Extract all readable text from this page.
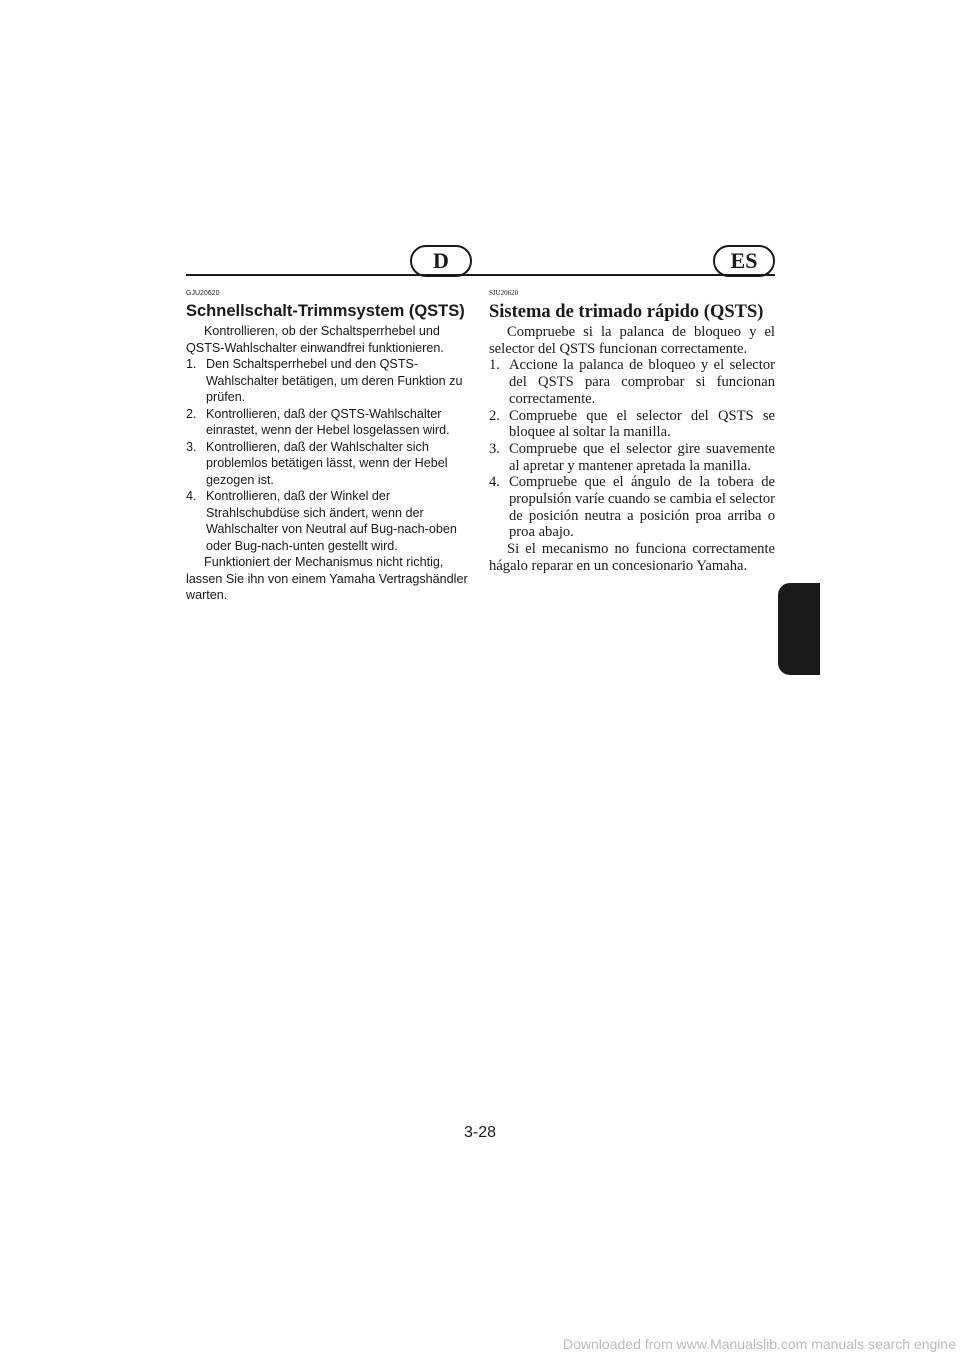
D	ES

GJU20620

Schnellschalt-Trimmsystem (QSTS)

Kontrollieren, ob der Schaltsperrhebel und QSTS-Wahlschalter einwandfrei funktionieren.

1. Den Schaltsperrhebel und den QSTS-Wahlschalter betätigen, um deren Funktion zu prüfen.
2. Kontrollieren, daß der QSTS-Wahlschalter einrastet, wenn der Hebel losgelassen wird.
3. Kontrollieren, daß der Wahlschalter sich problemlos betätigen lässt, wenn der Hebel gezogen ist.
4. Kontrollieren, daß der Winkel der Strahlschubdüse sich ändert, wenn der Wahlschalter von Neutral auf Bug-nach-oben oder Bug-nach-unten gestellt wird.

Funktioniert der Mechanismus nicht richtig, lassen Sie ihn von einem Yamaha Vertragshändler warten.

SJU20620

Sistema de trimado rápido (QSTS)

Compruebe si la palanca de bloqueo y el selector del QSTS funcionan correctamente.

1. Accione la palanca de bloqueo y el selector del QSTS para comprobar si funcionan correctamente.
2. Compruebe que el selector del QSTS se bloquee al soltar la manilla.
3. Compruebe que el selector gire suavemente al apretar y mantener apretada la manilla.
4. Compruebe que el ángulo de la tobera de propulsión varíe cuando se cambia el selector de posición neutra a posición proa arriba o proa abajo.

Si el mecanismo no funciona correctamente hágalo reparar en un concesionario Yamaha.

3-28
Downloaded from www.Manualslib.com manuals search engine
